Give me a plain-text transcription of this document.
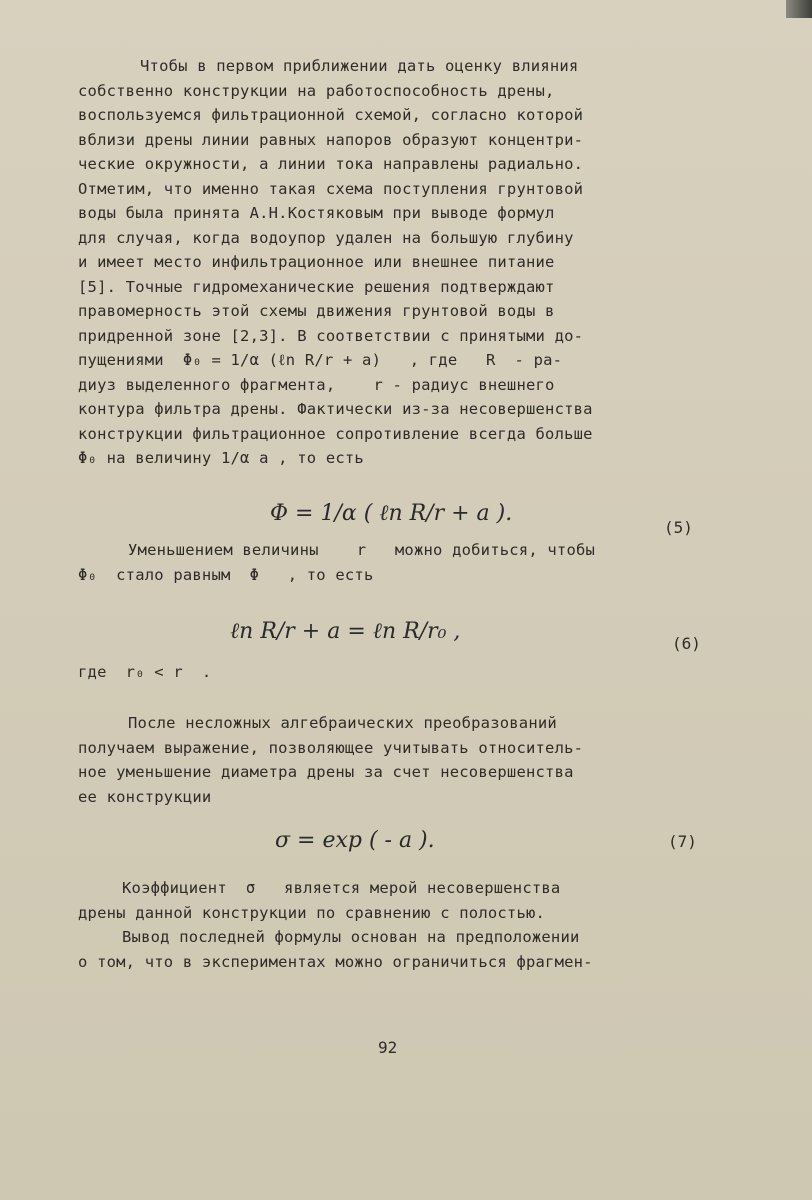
Чтобы в первом приближении дать оценку влияния
собственно конструкции на работоспособность дрены,
воспользуемся фильтрационной схемой, согласно которой
вблизи дрены линии равных напоров образуют концентри-
ческие окружности, а линии тока направлены радиально.
Отметим, что именно такая схема поступления грунтовой
воды была принята А.Н.Костяковым при выводе формул
для случая, когда водоупор удален на большую глубину
и имеет место инфильтрационное или внешнее питание
[5]. Точные гидромеханические решения подтверждают
правомерность этой схемы движения грунтовой воды в
придренной зоне [2,3]. В соответствии с принятыми до-
пущениями  Φ₀ = 1/α (ℓn R/r + a)   , где   R  - ра-
диуз выделенного фрагмента,    r - радиус внешнего
контура фильтра дрены. Фактически из-за несовершенства
конструкции фильтрационное сопротивление всегда больше
Φ₀ на величину 1/α a , то есть
Φ = 1/α ( ℓn R/r + a ).
(5)
Уменьшением величины    r   можно добиться, чтобы
Φ₀  стало равным  Φ   , то есть
ℓn R/r + a = ℓn R/r₀ ,	(6)
где  r₀ < r  .
После несложных алгебраических преобразований
получаем выражение, позволяющее учитывать относитель-
ное уменьшение диаметра дрены за счет несовершенства
ее конструкции
σ = exp ( - a ).	(7)
Коэффициент  σ   является мерой несовершенства
дрены данной конструкции по сравнению с полостью.
Вывод последней формулы основан на предположении
о том, что в экспериментах можно ограничиться фрагмен-
92
